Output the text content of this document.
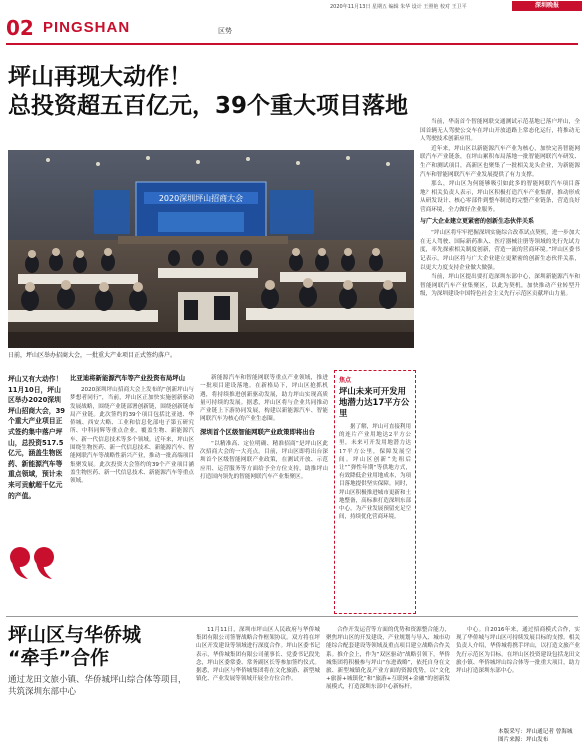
2020年11月13日 星期五 编辑 朱华 设计 王照艳 校对 王卫平	深圳晚报
02 PINGSHAN	区势
坪山再现大动作！
总投资超五百亿元，39个重大项目落地
2020深圳坪山招商大会
日前，坪山区举办招商大会，一批重大产业项目正式签约落户。

当前，华南首个智能网联交通测试示范基地已落户坪山，全国首辆无人驾驶公交车在坪山开放道路上常态化运行，将推动无人驾驶技术创新应用。

近年来，坪山区以新能源汽车产业为核心，加快完善智能网联汽车产业链条，在坪山累积布局落地一批智能网联汽车研发、生产和测试项目，高新区也聚集了一批相关龙头企业，为新能源汽车和智能网联汽车产业发展提供了有力支撑。

那么，坪山区为何能够吸引如此多的智能网联汽车项目落地？相关负责人表示，坪山区积极打造汽车产业集群，推动形成从研发设计、核心零部件到整车制造的完整产业链条，营造良好营商环境，全力做好企业服务。

与广大企业建立更紧密的创新生态伙伴关系

“坪山区将牢牢把握深圳实施综合改革试点契机，进一步加大在无人驾驶、国际新药准入、医疗器械注册等领域的先行先试力度，率先探索相关制度创新，营造一流的营商环境。”坪山区委书记表示，坪山区将与广大企业建立更紧密的创新生态伙伴关系，以更大力度支持企业做大做强。

当前，坪山区提出要打造深圳东部中心，深圳新能源汽车和智能网联汽车产业集聚区，以此为契机，加快推动产业转型升级，为深圳建设中国特色社会主义先行示范区贡献坪山力量。

坪山又有大动作！11月10日，坪山区举办2020深圳坪山招商大会，39个重大产业项目正式签约集中落户坪山，总投资517.5亿元，涵盖生物医药、新能源汽车等重点领域，预计未来可贡献超千亿元的产值。

比亚迪将新能源汽车等产业投资布局坪山

2020深圳坪山招商大会上发布的“创新坪山与梦想者同行”，当前，坪山区正加快实施创新驱动发展战略，围绕产业链部署创新链，围绕创新链布局产业链。此次签约的39个项目包括比亚迪、华侨城、西安大略、工业和信息化部电子第五研究所、中科同辉等重点企业，覆盖生物、新能源汽车、新一代信息技术等多个领域。近年来，坪山区围绕生物医药、新一代信息技术、新能源汽车、智能网联汽车等战略性新兴产业，推动一批高端项目集聚发展。此次投资大会签约的39个产业项目涵盖生物医药、新一代信息技术、新能源汽车等重点领域。

新能源汽车和智能网联等重点产业领域，推进一批项目建设落地。在新格局下，坪山区抢抓机遇，将持续推进创新驱动发展，助力坪山实现高质量可持续的发展。据悉，坪山区将与企业共同推动产业链上下游协同发展，构建以新能源汽车、智能网联汽车为核心的产业生态圈。

深圳首个区级智能网联产业政策即将出台

“以精准高、定位明确、精准招商”是坪山区此次招商大会的一大亮点。目前，坪山区即将出台深圳首个区级智能网联产业政策，在测试开放、示范应用、运营服务等方面给予全方位支持，助推坪山打造国内领先的智能网联汽车产业集聚区。

焦点
坪山未来可开发用地潜力达17平方公里
据了解，坪山可直接利用的连片产业用地达2平方公里，未来可开发用地潜力达17平方公里，保障发展空间。坪山区创新“先租后让”“弹性年期”等供地方式，有效降低企业用地成本，为项目落地提供坚实保障。同时，坪山区积极推进城市更新和土地整备，高标准打造深圳东部中心，为产业发展预留充足空间，持续优化营商环境。
坪山区与华侨城
“牵手”合作
通过龙田文旅小镇、华侨城坪山综合体等项目，共筑深圳东部中心

11月11日，深圳市坪山区人民政府与华侨城集团有限公司签署战略合作框架协议。双方将在坪山区开发建设等领域进行深度合作。坪山区委书记表示，华侨城集团有限公司董事长、党委书记段先念，坪山区委常委、常务副区长等参加签约仪式。据悉，坪山区与华侨城集团将在文化旅游、新型城镇化、产业发展等领域开展全方位合作。

合作开发运营等方面的优势和资源整合能力，聚焦坪山区的开发建设，产业规划与导入、城市功能综合配套建设等领域及重点项目建立战略合作关系。推介会上，作为“双区驱动”战略引领下，华侨城集团将积极参与坪山“东进战略”，依托自身在文旅、新型城镇化及产业方面的资源优势，以“文化+旅游+城镇化”和“旅游+互联网+金融”的创新发展模式，打造深圳东部中心新标杆。

中心。自2016年来，通过招商模式合作，实现了华侨城与坪山区可持续发展目标的支撑。相关负责人介绍，华侨城将携手坪山，以打造文旅产业先行示范区为目标，在坪山区投资建设包括龙田文旅小镇、华侨城坪山综合体等一批重大项目，助力坪山打造深圳东部中心。

本版采写：坪山通记者 曾海城
图片来源：坪山发布
